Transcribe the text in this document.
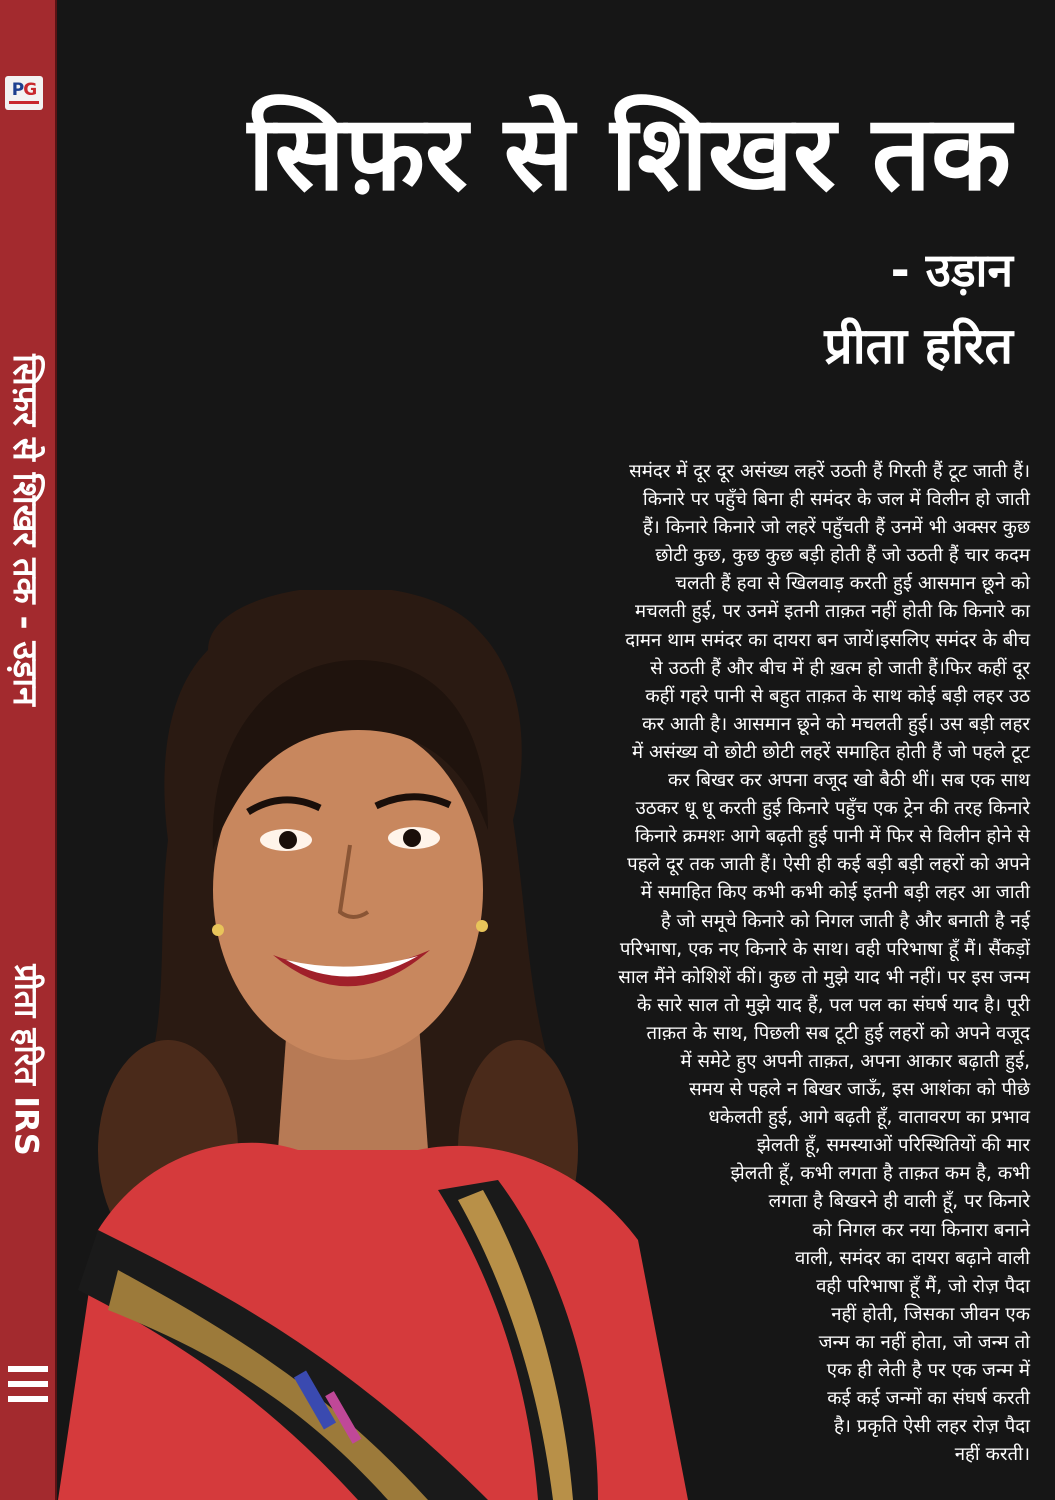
PG
सिफ़र से शिखर तक - उड़ान
प्रीता हरित IRS
सिफ़र से शिखर तक
- उड़ान
प्रीता हरित
समंदर में दूर दूर असंख्य लहरें उठती हैं गिरती हैं टूट जाती हैं।
किनारे पर पहुँचे बिना ही समंदर के जल में विलीन हो जाती
हैं। किनारे किनारे जो लहरें पहुँचती हैं उनमें भी अक्सर कुछ
छोटी कुछ, कुछ कुछ बड़ी होती हैं जो उठती हैं चार कदम
चलती हैं हवा से खिलवाड़ करती हुई आसमान छूने को
मचलती हुई, पर उनमें इतनी ताक़त नहीं होती कि किनारे का
दामन थाम समंदर का दायरा बन जायें।इसलिए समंदर के बीच
से उठती हैं और बीच में ही ख़त्म हो जाती हैं।फिर कहीं दूर
कहीं गहरे पानी से बहुत ताक़त के साथ कोई बड़ी लहर उठ
कर आती है। आसमान छूने को मचलती हुई। उस बड़ी लहर
में असंख्य वो छोटी छोटी लहरें समाहित होती हैं जो पहले टूट
कर बिखर कर अपना वजूद खो बैठी थीं। सब एक साथ
उठकर धू धू करती हुई किनारे पहुँच एक ट्रेन की तरह किनारे
किनारे क्रमशः आगे बढ़ती हुई पानी में फिर से विलीन होने से
पहले दूर तक जाती हैं। ऐसी ही कई बड़ी बड़ी लहरों को अपने
में समाहित किए कभी कभी कोई इतनी बड़ी लहर आ जाती
है जो समूचे किनारे को निगल जाती है और बनाती है नई
परिभाषा, एक नए किनारे के साथ। वही परिभाषा हूँ मैं। सैंकड़ों
साल मैंने कोशिशें कीं। कुछ तो मुझे याद भी नहीं। पर इस जन्म
के सारे साल तो मुझे याद हैं, पल पल का संघर्ष याद है। पूरी
ताक़त के साथ, पिछली सब टूटी हुई लहरों को अपने वजूद
में समेटे हुए अपनी ताक़त, अपना आकार बढ़ाती हुई,
समय से पहले न बिखर जाऊँ, इस आशंका को पीछे
धकेलती हुई, आगे बढ़ती हूँ, वातावरण का प्रभाव
झेलती हूँ, समस्याओं परिस्थितियों की मार
झेलती हूँ, कभी लगता है ताक़त कम है, कभी
लगता है बिखरने ही वाली हूँ, पर किनारे
को निगल कर नया किनारा बनाने
वाली, समंदर का दायरा बढ़ाने वाली
वही परिभाषा हूँ मैं, जो रोज़ पैदा
नहीं होती, जिसका जीवन एक
जन्म का नहीं होता, जो जन्म तो
एक ही लेती है पर एक जन्म में
कई कई जन्मों का संघर्ष करती
है। प्रकृति ऐसी लहर रोज़ पैदा
नहीं करती।
